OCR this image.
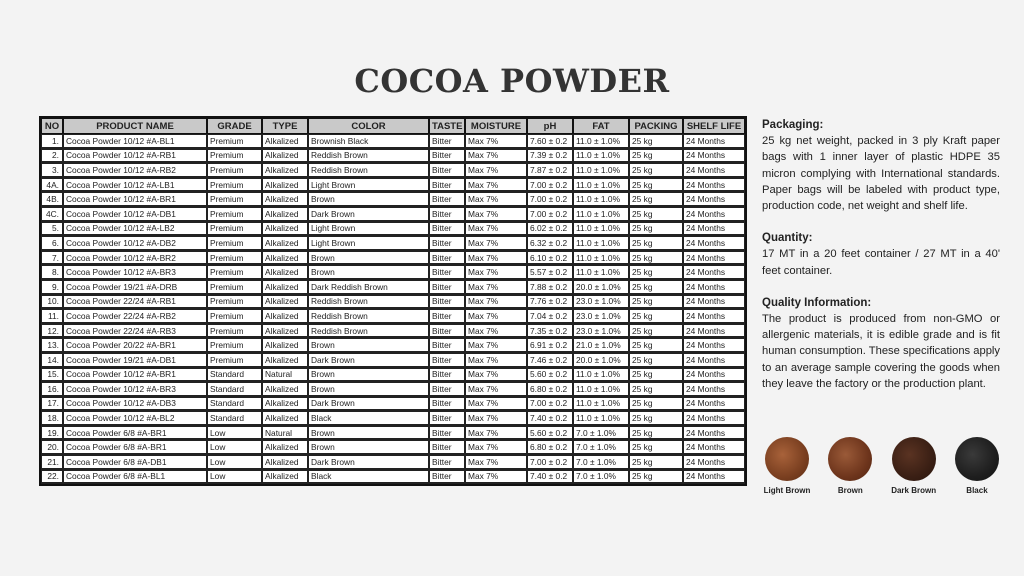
COCOA POWDER
NO	PRODUCT NAME	GRADE	TYPE	COLOR	TASTE	MOISTURE	pH	FAT	PACKING	SHELF LIFE
1.	Cocoa Powder 10/12 #A-BL1	Premium	Alkalized	Brownish Black	Bitter	Max 7%	7.60 ± 0.2	11.0 ± 1.0%	25 kg	24 Months
2.	Cocoa Powder 10/12 #A-RB1	Premium	Alkalized	Reddish Brown	Bitter	Max 7%	7.39 ± 0.2	11.0 ± 1.0%	25 kg	24 Months
3.	Cocoa Powder 10/12 #A-RB2	Premium	Alkalized	Reddish Brown	Bitter	Max 7%	7.87 ± 0.2	11.0 ± 1.0%	25 kg	24 Months
4A.	Cocoa Powder 10/12 #A-LB1	Premium	Alkalized	Light Brown	Bitter	Max 7%	7.00 ± 0.2	11.0 ± 1.0%	25 kg	24 Months
4B.	Cocoa Powder 10/12 #A-BR1	Premium	Alkalized	Brown	Bitter	Max 7%	7.00 ± 0.2	11.0 ± 1.0%	25 kg	24 Months
4C.	Cocoa Powder 10/12 #A-DB1	Premium	Alkalized	Dark Brown	Bitter	Max 7%	7.00 ± 0.2	11.0 ± 1.0%	25 kg	24 Months
5.	Cocoa Powder 10/12 #A-LB2	Premium	Alkalized	Light Brown	Bitter	Max 7%	6.02 ± 0.2	11.0 ± 1.0%	25 kg	24 Months
6.	Cocoa Powder 10/12 #A-DB2	Premium	Alkalized	Light Brown	Bitter	Max 7%	6.32 ± 0.2	11.0 ± 1.0%	25 kg	24 Months
7.	Cocoa Powder 10/12 #A-BR2	Premium	Alkalized	Brown	Bitter	Max 7%	6.10 ± 0.2	11.0 ± 1.0%	25 kg	24 Months
8.	Cocoa Powder 10/12 #A-BR3	Premium	Alkalized	Brown	Bitter	Max 7%	5.57 ± 0.2	11.0 ± 1.0%	25 kg	24 Months
9.	Cocoa Powder 19/21 #A-DRB	Premium	Alkalized	Dark Reddish Brown	Bitter	Max 7%	7.88 ± 0.2	20.0 ± 1.0%	25 kg	24 Months
10.	Cocoa Powder 22/24 #A-RB1	Premium	Alkalized	Reddish Brown	Bitter	Max 7%	7.76 ± 0.2	23.0 ± 1.0%	25 kg	24 Months
11.	Cocoa Powder 22/24 #A-RB2	Premium	Alkalized	Reddish Brown	Bitter	Max 7%	7.04 ± 0.2	23.0 ± 1.0%	25 kg	24 Months
12.	Cocoa Powder 22/24 #A-RB3	Premium	Alkalized	Reddish Brown	Bitter	Max 7%	7.35 ± 0.2	23.0 ± 1.0%	25 kg	24 Months
13.	Cocoa Powder 20/22 #A-BR1	Premium	Alkalized	Brown	Bitter	Max 7%	6.91 ± 0.2	21.0 ± 1.0%	25 kg	24 Months
14.	Cocoa Powder 19/21 #A-DB1	Premium	Alkalized	Dark Brown	Bitter	Max 7%	7.46 ± 0.2	20.0 ± 1.0%	25 kg	24 Months
15.	Cocoa Powder 10/12 #A-BR1	Standard	Natural	Brown	Bitter	Max 7%	5.60 ± 0.2	11.0 ± 1.0%	25 kg	24 Months
16.	Cocoa Powder 10/12 #A-BR3	Standard	Alkalized	Brown	Bitter	Max 7%	6.80 ± 0.2	11.0 ± 1.0%	25 kg	24 Months
17.	Cocoa Powder 10/12 #A-DB3	Standard	Alkalized	Dark Brown	Bitter	Max 7%	7.00 ± 0.2	11.0 ± 1.0%	25 kg	24 Months
18.	Cocoa Powder 10/12 #A-BL2	Standard	Alkalized	Black	Bitter	Max 7%	7.40 ± 0.2	11.0 ± 1.0%	25 kg	24 Months
19.	Cocoa Powder 6/8 #A-BR1	Low	Natural	Brown	Bitter	Max 7%	5.60 ± 0.2	7.0 ± 1.0%	25 kg	24 Months
20.	Cocoa Powder 6/8 #A-BR1	Low	Alkalized	Brown	Bitter	Max 7%	6.80 ± 0.2	7.0 ± 1.0%	25 kg	24 Months
21.	Cocoa Powder 6/8 #A-DB1	Low	Alkalized	Dark Brown	Bitter	Max 7%	7.00 ± 0.2	7.0 ± 1.0%	25 kg	24 Months
22.	Cocoa Powder 6/8 #A-BL1	Low	Alkalized	Black	Bitter	Max 7%	7.40 ± 0.2	7.0 ± 1.0%	25 kg	24 Months
Packaging:

25 kg net weight, packed in 3 ply Kraft paper bags with 1 inner layer of plastic HDPE 35 micron complying with International standards. Paper bags will be labeled with product type, production code, net weight and shelf life.

Quantity:

17 MT in a 20 feet container / 27 MT in a 40' feet container.

Quality Information:

The product is produced from non-GMO or allergenic materials, it is edible grade and is fit human consumption. These specifications apply to an average sample covering the goods when they leave the factory or the production plant.

Light Brown	Brown	Dark Brown	Black
